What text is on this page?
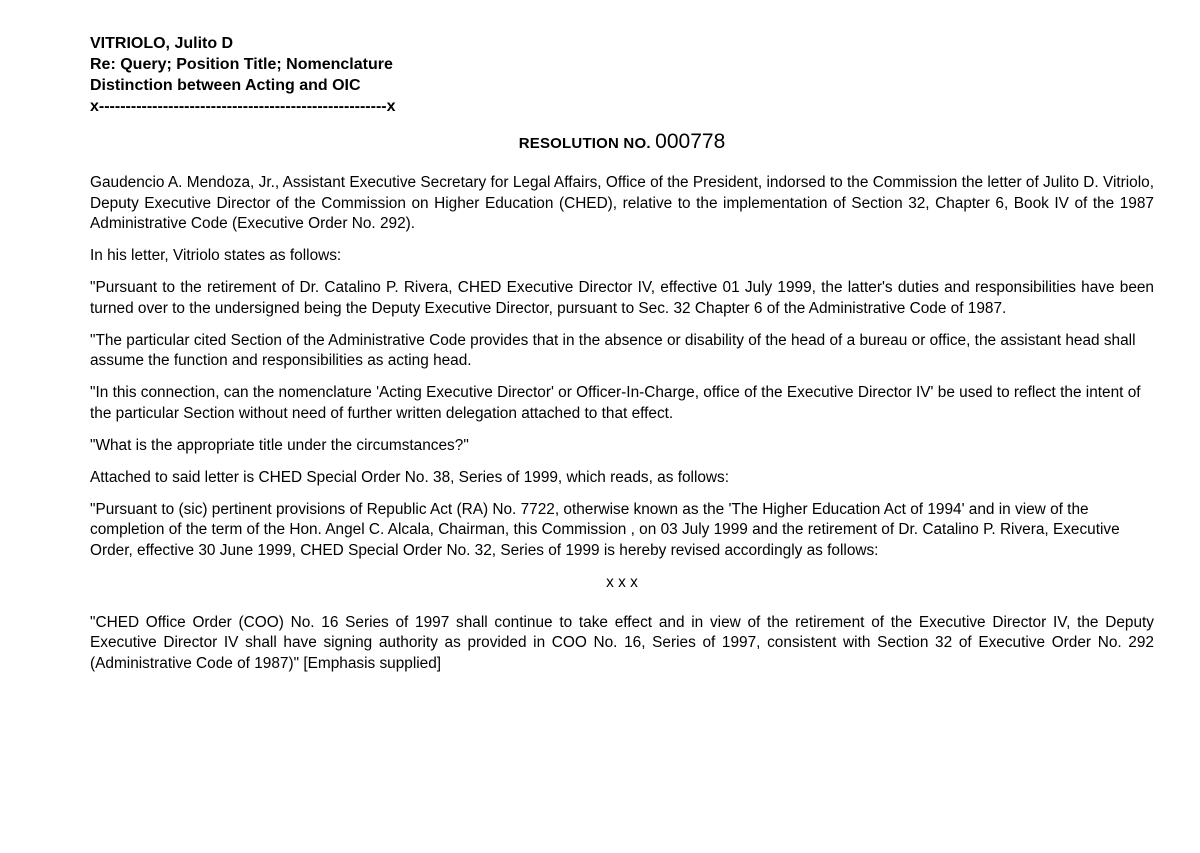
VITRIOLO, Julito D

Re: Query; Position Title; Nomenclature

Distinction between Acting and OIC

x------------------------------------------------------x

RESOLUTION NO. 000778

Gaudencio A. Mendoza, Jr., Assistant Executive Secretary for Legal Affairs, Office of the President, indorsed to the Commission the letter of Julito D. Vitriolo, Deputy Executive Director of the Commission on Higher Education (CHED), relative to the implementation of Section 32, Chapter 6, Book IV of the 1987 Administrative Code (Executive Order No. 292).

In his letter, Vitriolo states as follows:

"Pursuant to the retirement of Dr. Catalino P. Rivera, CHED Executive Director IV, effective 01 July 1999, the latter's duties and responsibilities have been turned over to the undersigned being the Deputy Executive Director, pursuant to Sec. 32 Chapter 6 of the Administrative Code of 1987.

"The particular cited Section of the Administrative Code provides that in the absence or disability of the head of a bureau or office, the assistant head shall assume the function and responsibilities as acting head.

"In this connection, can the nomenclature 'Acting Executive Director' or Officer-In-Charge, office of the Executive Director IV' be used to reflect the intent of the particular Section without need of further written delegation attached to that effect.

"What is the appropriate title under the circumstances?"

Attached to said letter is CHED Special Order No. 38, Series of 1999, which reads, as follows:

"Pursuant to (sic) pertinent provisions of Republic Act (RA) No. 7722, otherwise known as the 'The Higher Education Act of 1994' and in view of the completion of the term of the Hon. Angel C. Alcala, Chairman, this Commission , on 03 July 1999 and the retirement of Dr. Catalino P. Rivera, Executive Order, effective 30 June 1999, CHED Special Order No. 32, Series of 1999 is hereby revised accordingly as follows:

x x x

"CHED Office Order (COO) No. 16 Series of 1997 shall continue to take effect and in view of the retirement of the Executive Director IV, the Deputy Executive Director IV shall have signing authority as provided in COO No. 16, Series of 1997, consistent with Section 32 of Executive Order No. 292 (Administrative Code of 1987)" [Emphasis supplied]
